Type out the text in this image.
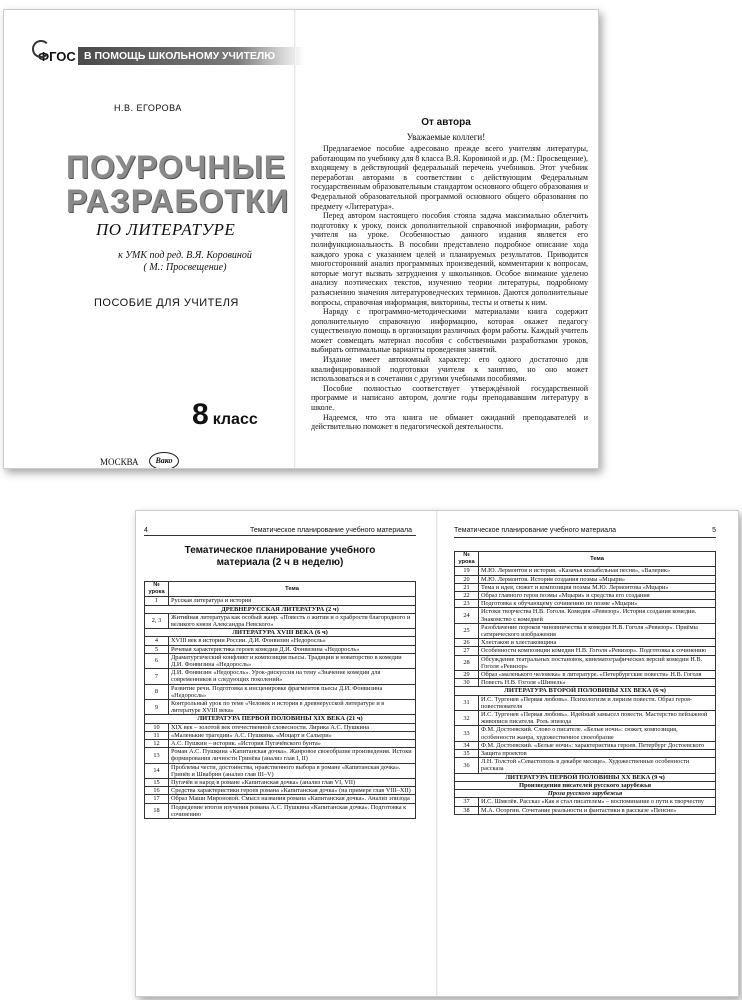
ФГОС В ПОМОЩЬ ШКОЛЬНОМУ УЧИТЕЛЮ
Н.В. ЕГОРОВА
ПОУРОЧНЫЕ
РАЗРАБОТКИ
ПО ЛИТЕРАТУРЕ
к УМК под ред. В.Я. Коровиной
( М.: Просвещение)
ПОСОБИЕ ДЛЯ УЧИТЕЛЯ
8 класс
МОСКВА	Вако
От автора
Уважаемые коллеги!

Предлагаемое пособие адресовано прежде всего учителям литературы, работающим по учебнику для 8 класса В.Я. Коровиной и др. (М.: Просвещение), входящему в действующий федеральный перечень учебников. Этот учебник переработан авторами в соответствии с действующим Федеральным государственным образовательным стандартом основного общего образования и Федеральной образовательной программой основного общего образования по предмету «Литература».

Перед автором настоящего пособия стояла задача максимально облегчить подготовку к уроку, поиск дополнительной справочной информации, работу учителя на уроке. Особенностью данного издания является его полифункциональность. В пособии представлено подробное описание хода каждого урока с указанием целей и планируемых результатов. Приводится многосторонний анализ программных произведений, комментарии к вопросам, которые могут вызвать затруднения у школьников. Особое внимание уделено анализу поэтических текстов, изучению теории литературы, подробному разъяснению значения литературоведческих терминов. Даются дополнительные вопросы, справочная информация, викторины, тесты и ответы к ним.

Наряду с программно-методическими материалами книга содержит дополнительную справочную информацию, которая окажет педагогу существенную помощь в организации различных форм работы. Каждый учитель может совмещать материал пособия с собственными разработками уроков, выбирать оптимальные варианты проведения занятий.

Издание имеет автономный характер: его одного достаточно для квалифицированной подготовки учителя к занятию, но оно может использоваться и в сочетании с другими учебными пособиями.

Пособие полностью соответствует утверждённой государственной программе и написано автором, долгие годы преподававшим литературу в школе.

Надеемся, что эта книга не обманет ожиданий преподавателей и действительно поможет в педагогической деятельности.

4	Тематическое планирование учебного материала
	Тематическое планирование учебного материала	5
Тематическое планирование учебного
материала (2 ч в неделю)
№ урока	Тема
1	Русская литература и история
ДРЕВНЕРУССКАЯ ЛИТЕРАТУРА (2 ч)	
2, 3	Житийная литература как особый жанр. «Повесть о житии и о храбрости благородного и великого князя Александра Невского»
ЛИТЕРАТУРА XVIII ВЕКА (6 ч)	
4	XVIII век в истории России. Д.И. Фонвизин «Недоросль»
5	Речевая характеристика героев комедии Д.И. Фонвизина «Недоросль»
6	Драматургический конфликт и композиция пьесы. Традиции и новаторство в комедии Д.И. Фонвизина «Недоросль»
7	Д.И. Фонвизин «Недоросль». Урок-дискуссия на тему «Значение комедии для современников и следующих поколений»
8	Развитие речи. Подготовка к инсценировке фрагментов пьесы Д.И. Фонвизина «Недоросль»
9	Контрольный урок по теме «Человек и история в древнерусской литературе и в литературе XVIII века»
ЛИТЕРАТУРА ПЕРВОЙ ПОЛОВИНЫ XIX ВЕКА (21 ч)	
10	XIX век – золотой век отечественной словесности. Лирика А.С. Пушкина
11	«Маленькие трагедии» А.С. Пушкина. «Моцарт и Сальери»
12	А.С. Пушкин – историк. «История Пугачёвского бунта»
13	Роман А.С. Пушкина «Капитанская дочка». Жанровое своеобразие произведения. Истоки формирования личности Гринёва (анализ глав I, II)
14	Проблемы чести, достоинства, нравственного выбора в романе «Капитанская дочка». Гринёв и Швабрин (анализ глав III–V)
15	Пугачёв и народ в романе «Капитанская дочка» (анализ глав VI, VII)
16	Средства характеристики героев романа «Капитанская дочка» (на примере глав VIII–XII)
17	Образ Маши Мироновой. Смысл названия романа «Капитанская дочка». Анализ эпизода
18	Подведение итогов изучения романа А.С. Пушкина «Капитанская дочка». Подготовка к сочинению
№ урока	Тема
19	М.Ю. Лермонтов и история. «Казачья колыбельная песня», «Валерик»
20	М.Ю. Лермонтов. История создания поэмы «Мцыри»
21	Тема и идея, сюжет и композиция поэмы М.Ю. Лермонтова «Мцыри»
22	Образ главного героя поэмы «Мцыри» и средства его создания
23	Подготовка к обучающему сочинению по поэме «Мцыри»
24	Истоки творчества Н.В. Гоголя. Комедия «Ревизор». История создания комедии. Знакомство с комедией
25	Разоблачение пороков чиновничества в комедии Н.В. Гоголя «Ревизор». Приёмы сатирического изображения
26	Хлестаков и хлестаковщина
27	Особенности композиции комедии Н.В. Гоголя «Ревизор». Подготовка к сочинению
28	Обсуждение театральных постановок, кинематографических версий комедии Н.В. Гоголя «Ревизор»
29	Образ «маленького человека» в литературе. «Петербургские повести» Н.В. Гоголя
30	Повесть Н.В. Гоголя «Шинель»
ЛИТЕРАТУРА ВТОРОЙ ПОЛОВИНЫ XIX ВЕКА (6 ч)	
31	И.С. Тургенев «Первая любовь». Психологизм и лиризм повести. Образ героя-повествователя
32	И.С. Тургенев «Первая любовь». Идейный замысел повести. Мастерство пейзажной живописи писателя. Роль эпизода
33	Ф.М. Достоевский. Слово о писателе. «Белые ночи»: сюжет, композиция, особенности жанра, художественное своеобразие
34	Ф.М. Достоевский. «Белые ночи»: характеристика героев. Петербург Достоевского
35	Защита проектов
36	Л.Н. Толстой «Севастополь в декабре месяце». Художественные особенности рассказа
ЛИТЕРАТУРА ПЕРВОЙ ПОЛОВИНЫ XX ВЕКА (9 ч)	
Произведения писателей русского зарубежья	
Проза русского зарубежья	
37	И.С. Шмелёв. Рассказ «Как я стал писателем» – воспоминание о пути к творчеству
38	М.А. Осоргин. Сочетание реальности и фантастики в рассказе «Пенсне»
